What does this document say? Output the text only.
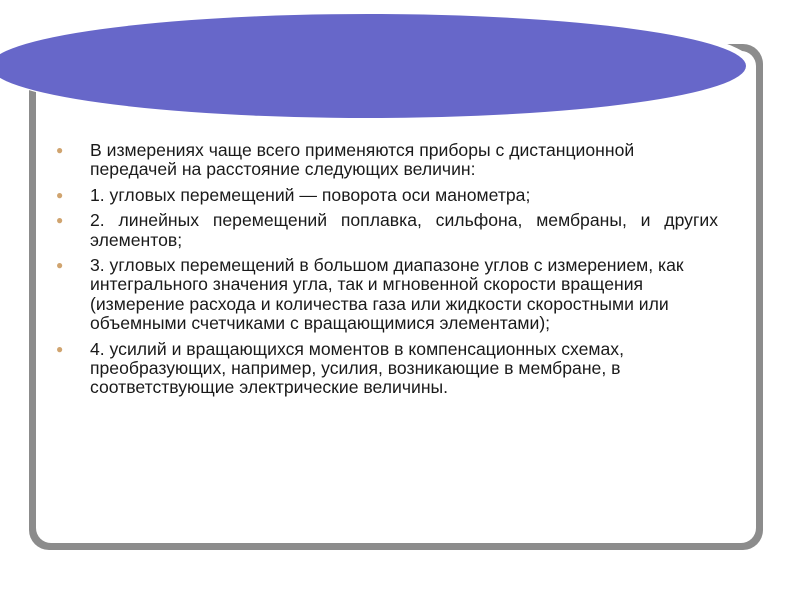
● В измерениях чаще всего применяются приборы с дистанционной передачей на расстояние следующих величин:
● 1. угловых перемещений — поворота оси манометра;
● 2. линейных перемещений поплавка, сильфона, мембраны, и других элементов;
● 3. угловых перемещений в большом диапазоне углов с измерением, как интегрального значения угла, так и мгновенной скорости вращения (измерение расхода и количества газа или жидкости скоростными или объемными счетчиками с вращающимися элементами);
● 4. усилий и вращающихся моментов в компенсационных схемах, преобразующих, например, усилия, возникающие в мембране, в соответствующие электрические величины.
